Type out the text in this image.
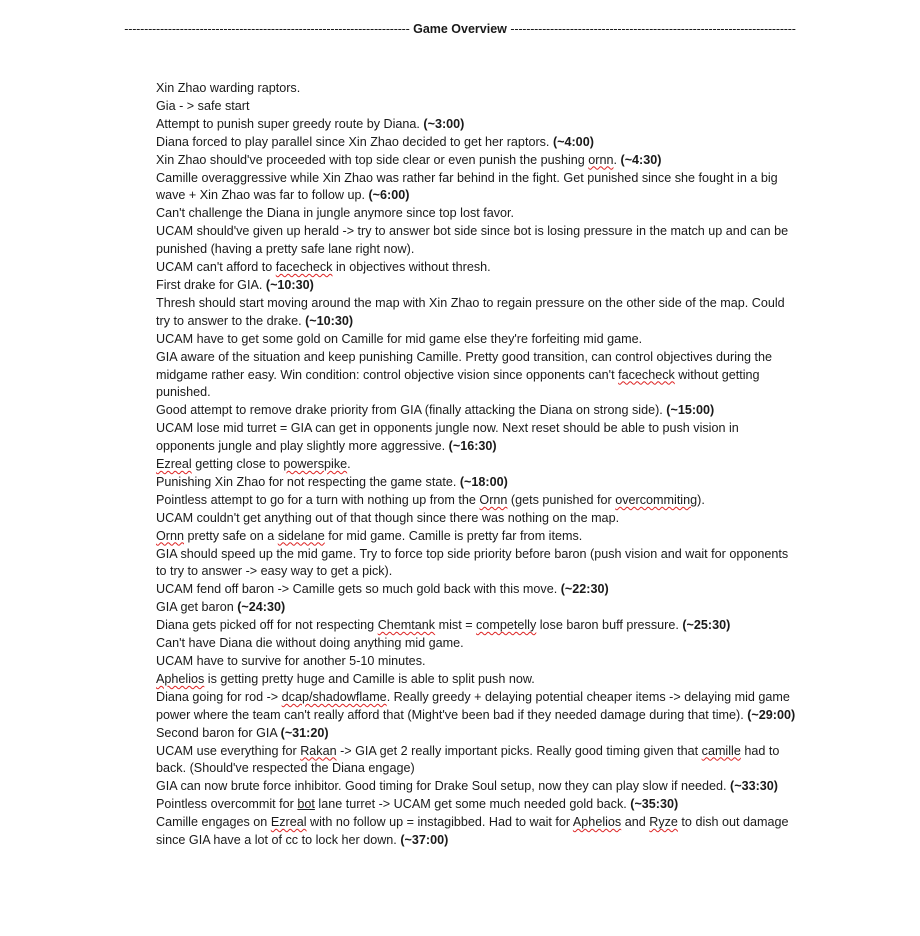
------------------------------------------------------------------------ Game Overview ------------------------------------------------------------------------
Xin Zhao warding raptors.
Gia - > safe start
Attempt to punish super greedy route by Diana. (~3:00)
Diana forced to play parallel since Xin Zhao decided to get her raptors. (~4:00)
Xin Zhao should've proceeded with top side clear or even punish the pushing ornn. (~4:30)
Camille overaggressive while Xin Zhao was rather far behind in the fight. Get punished since she fought in a big wave + Xin Zhao was far to follow up. (~6:00)
Can't challenge the Diana in jungle anymore since top lost favor.
UCAM should've given up herald -> try to answer bot side since bot is losing pressure in the match up and can be punished (having a pretty safe lane right now).
UCAM can't afford to facecheck in objectives without thresh.
First drake for GIA. (~10:30)
Thresh should start moving around the map with Xin Zhao to regain pressure on the other side of the map. Could try to answer to the drake. (~10:30)
UCAM have to get some gold on Camille for mid game else they're forfeiting mid game.
GIA aware of the situation and keep punishing Camille. Pretty good transition, can control objectives during the midgame rather easy. Win condition: control objective vision since opponents can't facecheck without getting punished.
Good attempt to remove drake priority from GIA (finally attacking the Diana on strong side). (~15:00)
UCAM lose mid turret = GIA can get in opponents jungle now. Next reset should be able to push vision in opponents jungle and play slightly more aggressive. (~16:30)
Ezreal getting close to powerspike.
Punishing Xin Zhao for not respecting the game state. (~18:00)
Pointless attempt to go for a turn with nothing up from the Ornn (gets punished for overcommiting).
UCAM couldn't get anything out of that though since there was nothing on the map.
Ornn pretty safe on a sidelane for mid game. Camille is pretty far from items.
GIA should speed up the mid game. Try to force top side priority before baron (push vision and wait for opponents to try to answer -> easy way to get a pick).
UCAM fend off baron -> Camille gets so much gold back with this move. (~22:30)
GIA get baron (~24:30)
Diana gets picked off for not respecting Chemtank mist = competelly lose baron buff pressure. (~25:30)
Can't have Diana die without doing anything mid game.
UCAM have to survive for another 5-10 minutes.
Aphelios is getting pretty huge and Camille is able to split push now.
Diana going for rod -> dcap/shadowflame. Really greedy + delaying potential cheaper items -> delaying mid game power where the team can't really afford that (Might've been bad if they needed damage during that time). (~29:00)
Second baron for GIA (~31:20)
UCAM use everything for Rakan -> GIA get 2 really important picks. Really good timing given that camille had to back. (Should've respected the Diana engage)
GIA can now brute force inhibitor. Good timing for Drake Soul setup, now they can play slow if needed. (~33:30)
Pointless overcommit for bot lane turret -> UCAM get some much needed gold back. (~35:30)
Camille engages on Ezreal with no follow up = instagibbed. Had to wait for Aphelios and Ryze to dish out damage since GIA have a lot of cc to lock her down. (~37:00)
